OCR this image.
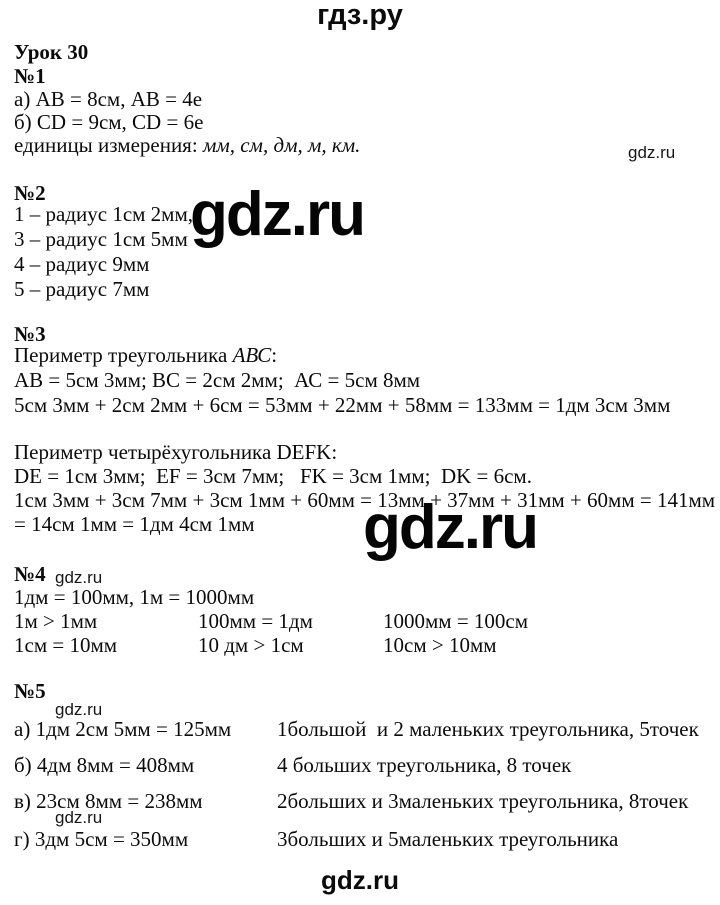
гдз.ру
Урок 30
№1
а) АВ = 8см, АВ = 4е
б) CD = 9см, CD = 6е
единицы измерения: мм, см, дм, м, км.	gdz.ru
№2
1 – радиус 1см 2мм,
3 – радиус 1см 5мм
4 – радиус 9мм
5 – радиус 7мм
gdz.ru
№3
Периметр треугольника АВС:
АВ = 5см 3мм; ВС = 2см 2мм;  АС = 5см 8мм
5см 3мм + 2см 2мм + 6см = 53мм + 22мм + 58мм = 133мм = 1дм 3см 3мм
Периметр четырёхугольника DEFK:
DE = 1см 3мм;  EF = 3см 7мм;   FK = 3см 1мм;  DK = 6см.
1см 3мм + 3см 7мм + 3см 1мм + 60мм = 13мм + 37мм + 31мм + 60мм = 141мм
= 14см 1мм = 1дм 4см 1мм gdz.ru
№4 gdz.ru
1дм = 100мм, 1м = 1000мм
1м > 1мм	100мм = 1дм	1000мм = 100см
1см = 10мм	10 дм > 1см	10см > 10мм
№5
gdz.ru
а) 1дм 2см 5мм = 125мм 1большой  и 2 маленьких треугольника, 5точек
б) 4дм 8мм = 408мм	4 больших треугольника, 8 точек
в) 23см 8мм = 238мм	2больших и 3маленьких треугольника, 8точек
gdz.ru
г) 3дм 5см = 350мм	3больших и 5маленьких треугольника
gdz.ru
